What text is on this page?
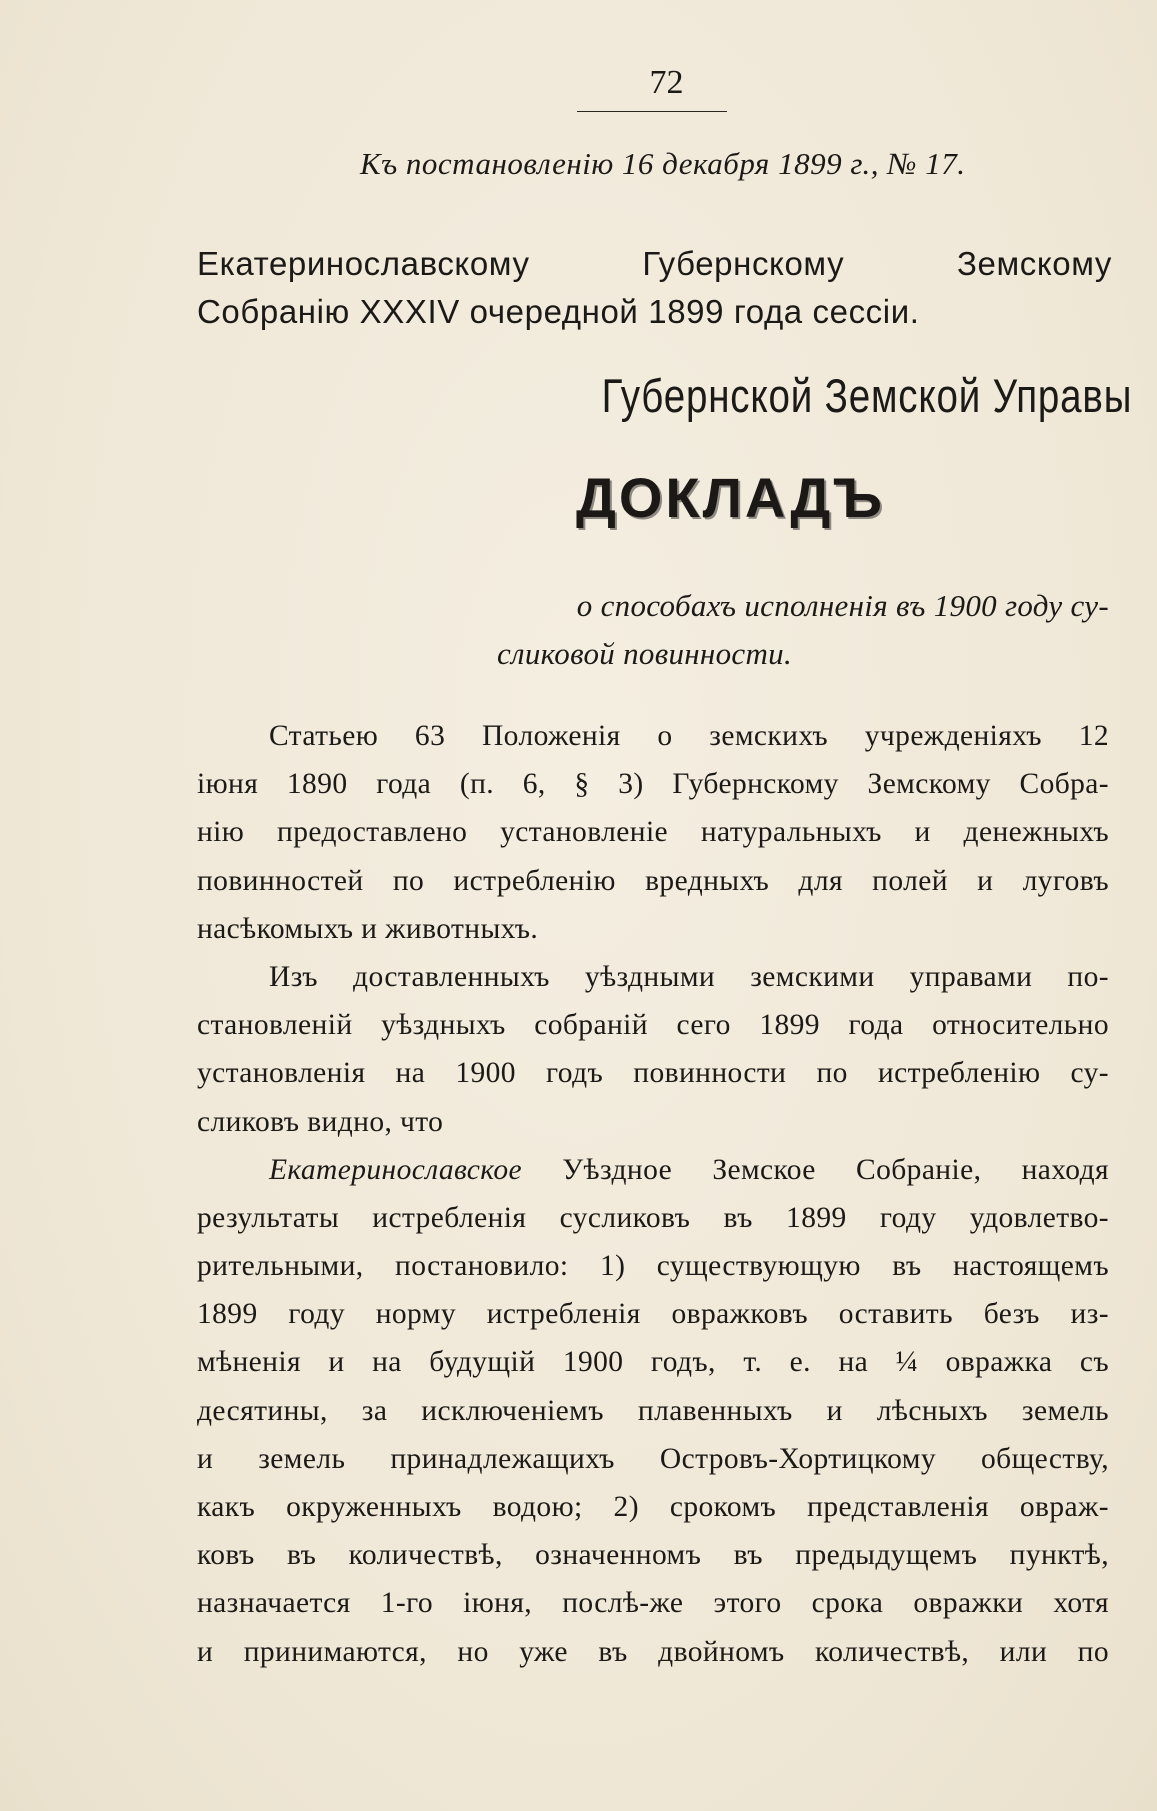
72
Къ постановленію 16 декабря 1899 г., № 17.
Екатеринославскому Губернскому Земскому
Собранію XXXIV очередной 1899 года сессіи.
Губернской Земской Управы
ДОКЛАДЪ
о способахъ исполненія въ 1900 году су-
сликовой повинности.
Статьею 63 Положенія о земскихъ учрежденіяхъ 12
іюня 1890 года (п. 6, § 3) Губернскому Земскому Собра-
нію предоставлено установленіе натуральныхъ и денежныхъ
повинностей по истребленію вредныхъ для полей и луговъ
насѣкомыхъ и животныхъ.
Изъ доставленныхъ уѣздными земскими управами по-
становленій уѣздныхъ собраній сего 1899 года относительно
установленія на 1900 годъ повинности по истребленію су-
сликовъ видно, что
Екатеринославское Уѣздное Земское Собраніе, находя
результаты истребленія сусликовъ въ 1899 году удовлетво-
рительными, постановило: 1) существующую въ настоящемъ
1899 году норму истребленія овражковъ оставить безъ из-
мѣненія и на будущій 1900 годъ, т. е. на ¼ овражка съ
десятины, за исключеніемъ плавенныхъ и лѣсныхъ земель
и земель принадлежащихъ Островъ-Хортицкому обществу,
какъ окруженныхъ водою; 2) срокомъ представленія овраж-
ковъ въ количествѣ, означенномъ въ предыдущемъ пунктѣ,
назначается 1-го іюня, послѣ-же этого срока овражки хотя
и принимаются, но уже въ двойномъ количествѣ, или по
